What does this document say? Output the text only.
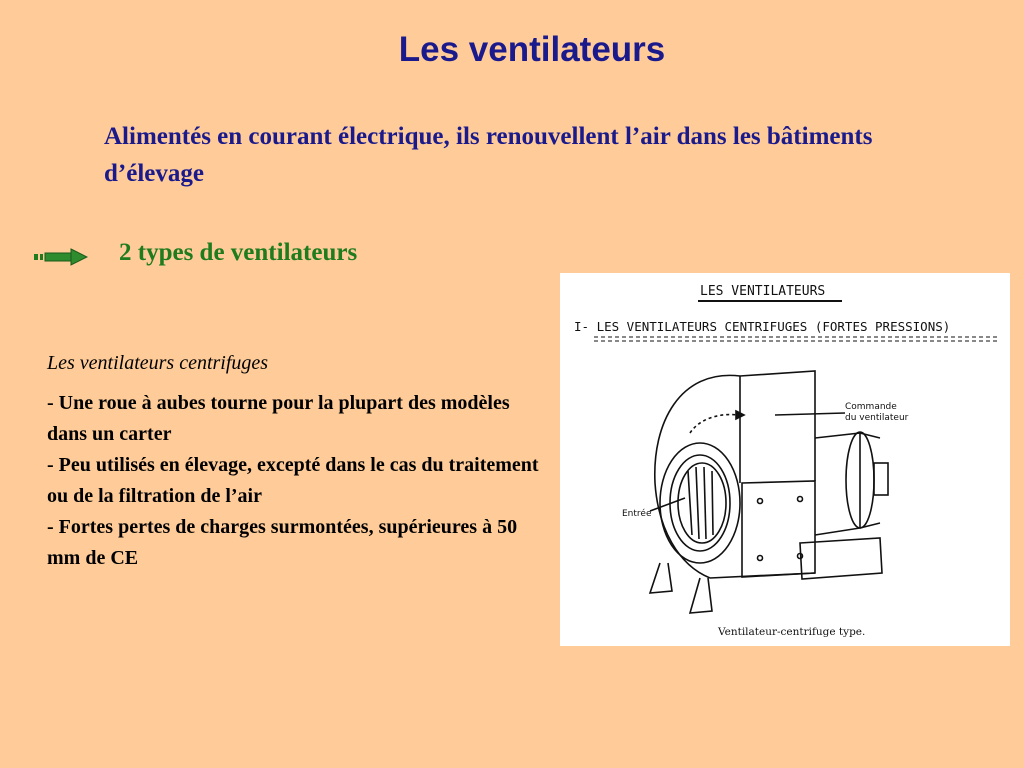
Les ventilateurs
Alimentés en courant électrique, ils renouvellent l’air dans les bâtiments d’élevage
2 types de ventilateurs
Les ventilateurs centrifuges
- Une roue à aubes tourne pour la plupart des modèles dans un carter
- Peu utilisés en élevage, excepté dans le cas du traitement ou de la filtration de l’air
- Fortes pertes de charges surmontées, supérieures à 50 mm de CE
LES VENTILATEURS
I- LES VENTILATEURS CENTRIFUGES (FORTES PRESSIONS)
Commande
du ventilateur
Entrée
Ventilateur-centrifuge type.
